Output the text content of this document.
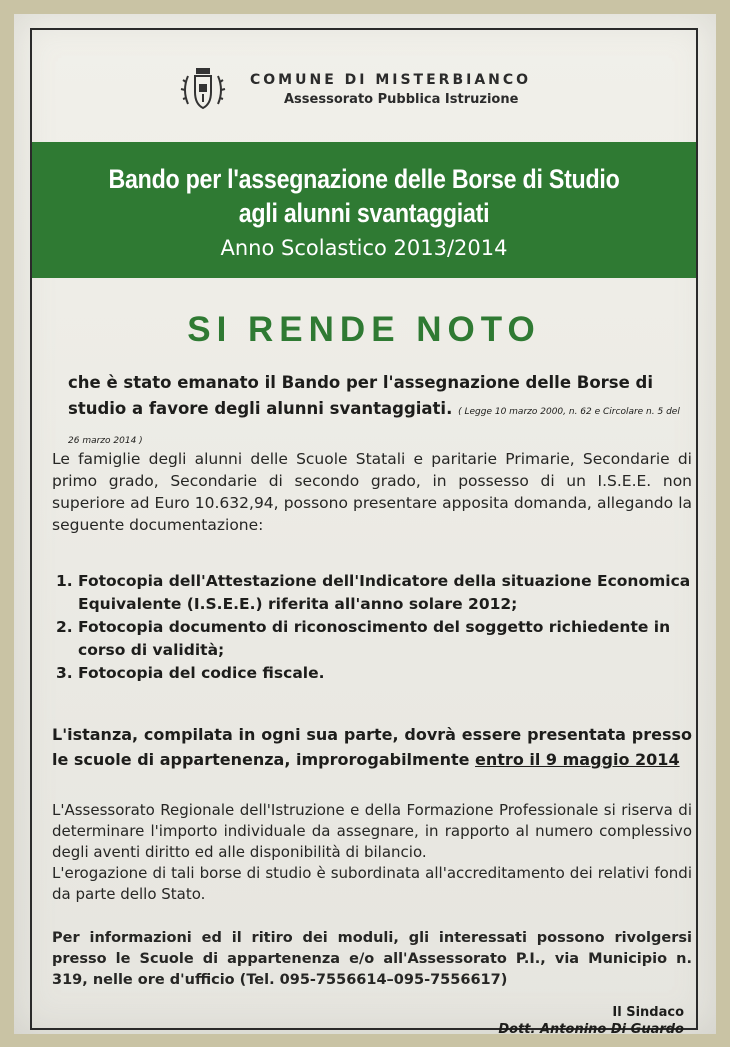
COMUNE DI MISTERBIANCO
Assessorato Pubblica Istruzione
Bando per l'assegnazione delle Borse di Studio
agli alunni svantaggiati
Anno Scolastico 2013/2014
SI RENDE NOTO
che è stato emanato il Bando per l'assegnazione delle Borse di studio a favore degli alunni svantaggiati. ( Legge 10 marzo 2000, n. 62 e Circolare n. 5 del 26 marzo 2014 )
Le famiglie degli alunni delle Scuole Statali e paritarie Primarie, Secondarie di primo grado, Secondarie di secondo grado, in possesso di un I.S.E.E. non superiore ad Euro 10.632,94, possono presentare apposita domanda, allegando la seguente documentazione:
1. Fotocopia dell'Attestazione dell'Indicatore della situazione Economica Equivalente (I.S.E.E.) riferita all'anno solare 2012;
2. Fotocopia documento di riconoscimento del soggetto richiedente in corso di validità;
3. Fotocopia del codice fiscale.
L'istanza, compilata in ogni sua parte, dovrà essere presentata presso le scuole di appartenenza, improrogabilmente entro il 9 maggio 2014
L'Assessorato Regionale dell'Istruzione e della Formazione Professionale si riserva di determinare l'importo individuale da assegnare, in rapporto al numero complessivo degli aventi diritto ed alle disponibilità di bilancio.
L'erogazione di tali borse di studio è subordinata all'accreditamento dei relativi fondi da parte dello Stato.
Per informazioni ed il ritiro dei moduli, gli interessati possono rivolgersi presso le Scuole di appartenenza e/o all'Assessorato P.I., via Municipio n. 319, nelle ore d'ufficio (Tel. 095-7556614–095-7556617)
Il Sindaco
Dott. Antonino Di Guardo
